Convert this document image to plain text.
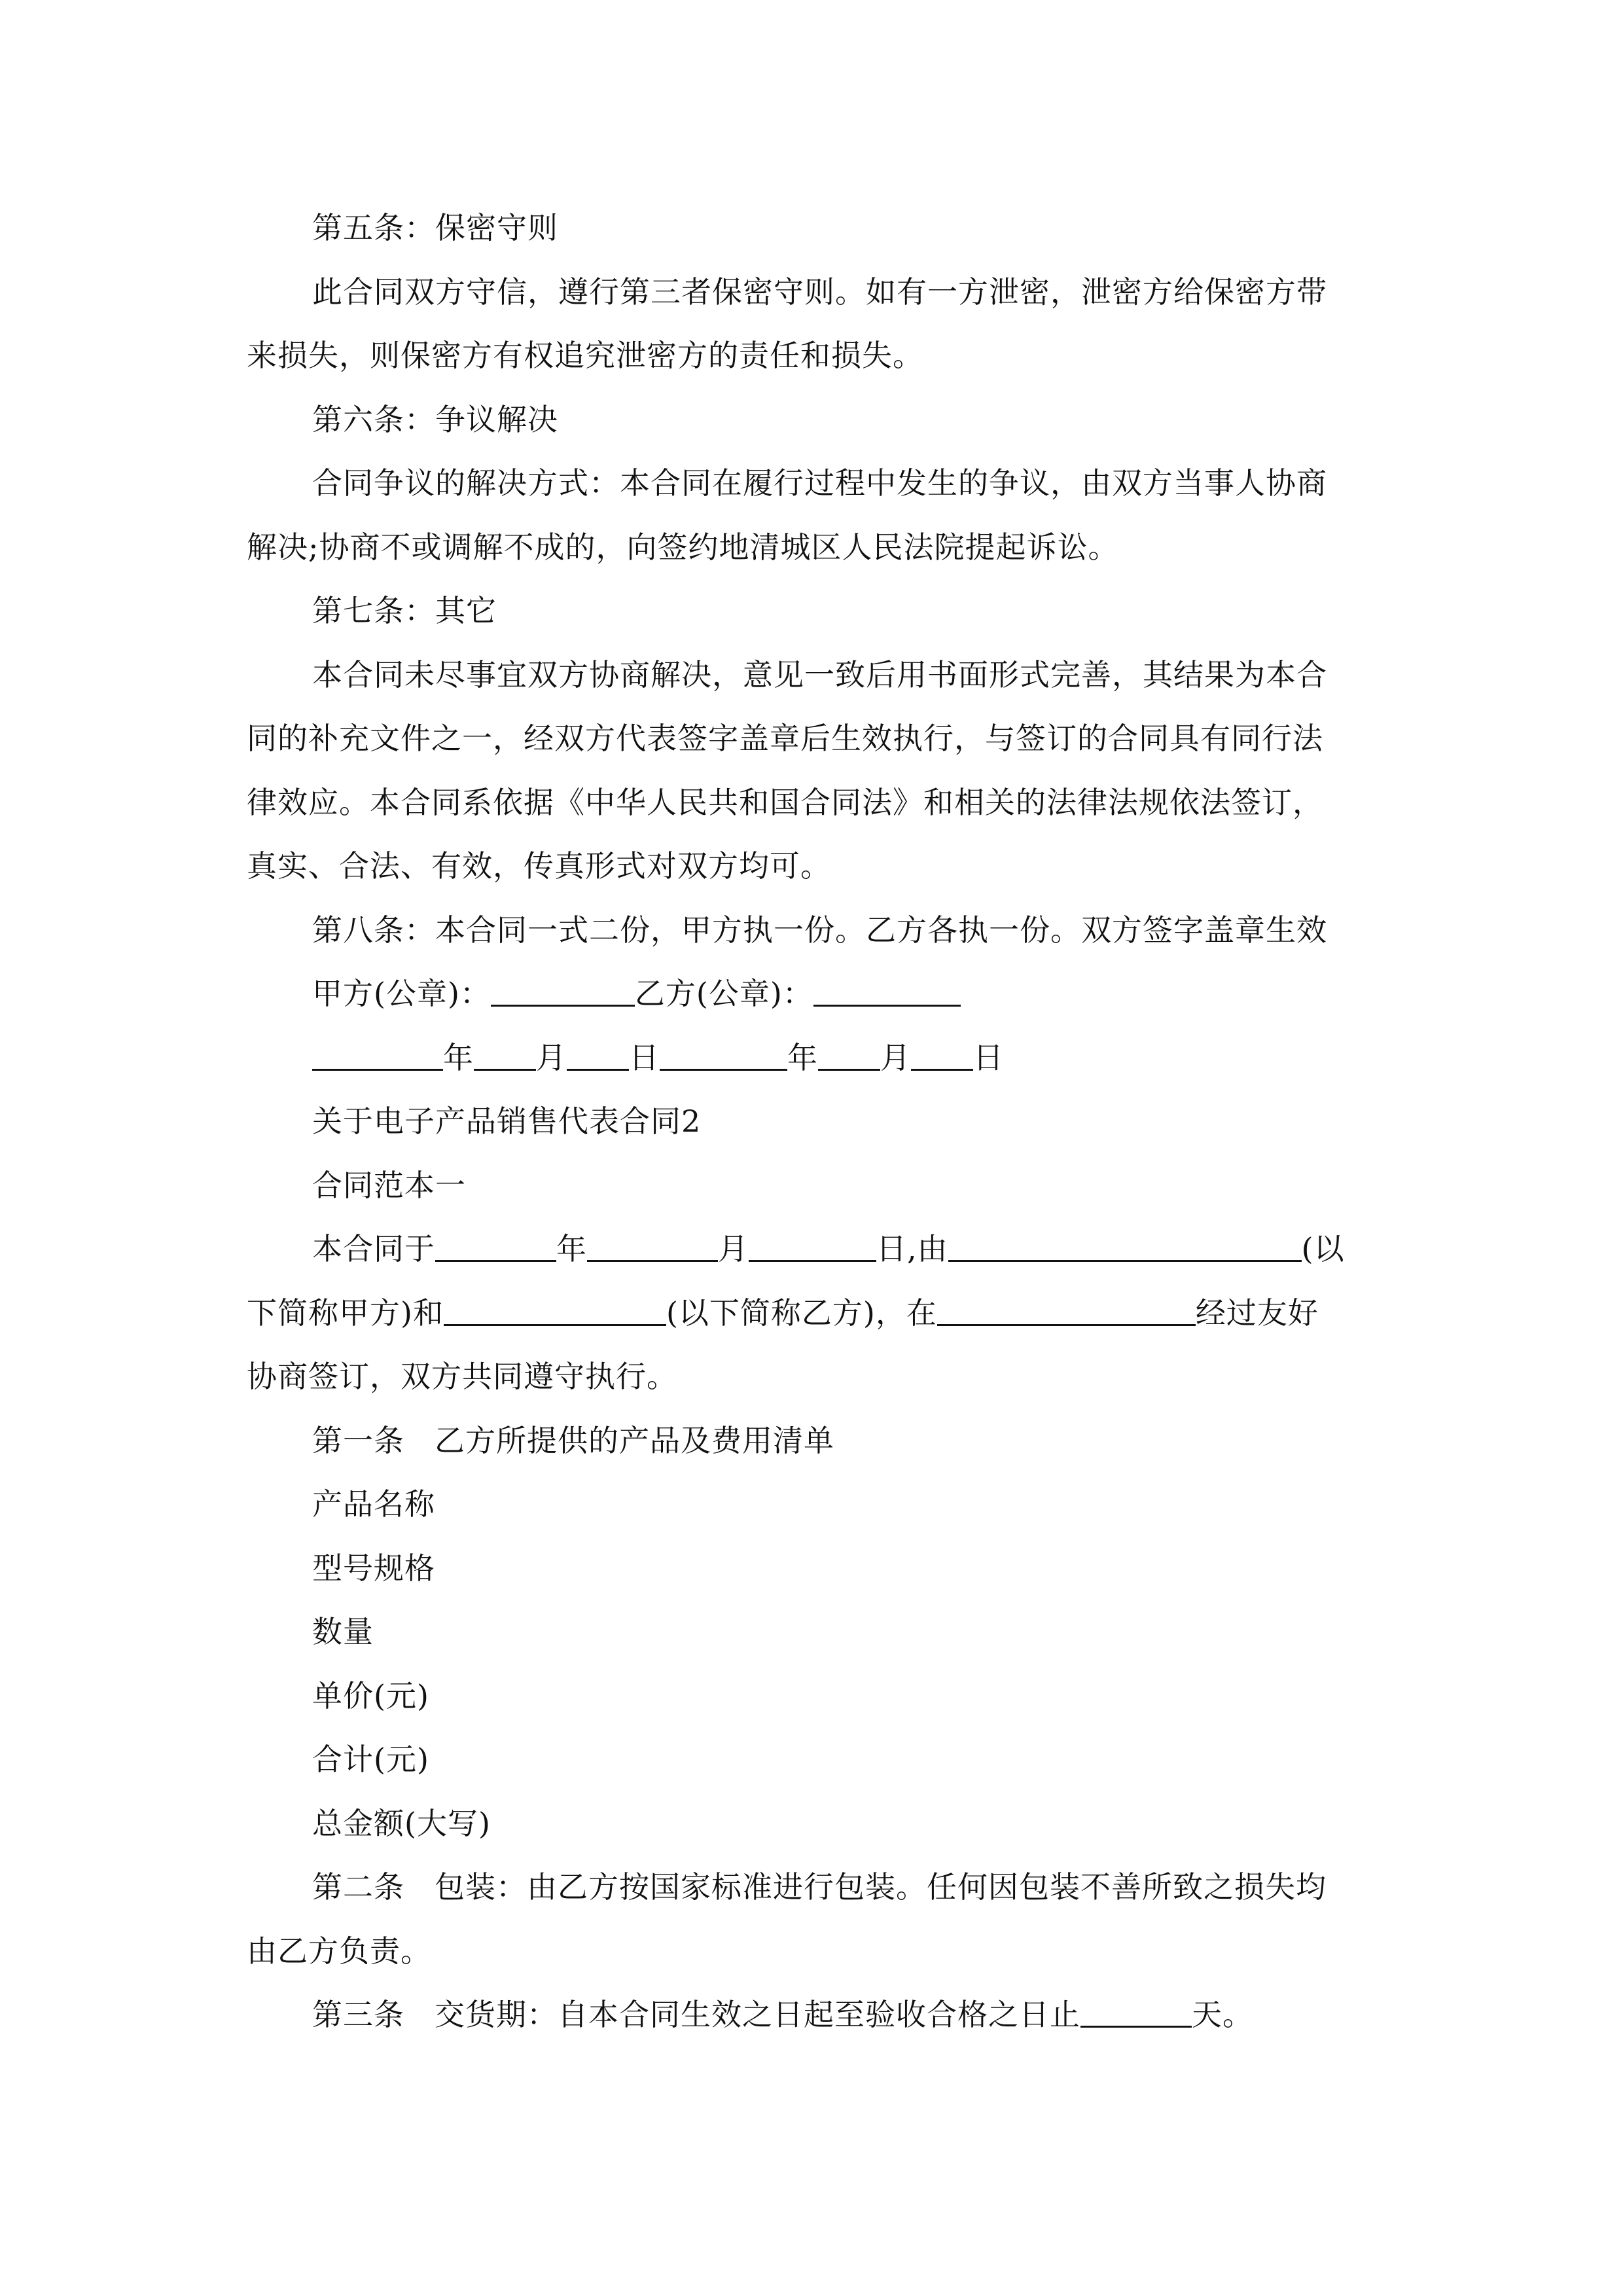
第五条：保密守则
此合同双方守信，遵行第三者保密守则。如有一方泄密，泄密方给保密方带
来损失，则保密方有权追究泄密方的责任和损失。
第六条：争议解决
合同争议的解决方式：本合同在履行过程中发生的争议，由双方当事人协商
解决;协商不或调解不成的，向签约地清城区人民法院提起诉讼。
第七条：其它
本合同未尽事宜双方协商解决，意见一致后用书面形式完善，其结果为本合
同的补充文件之一，经双方代表签字盖章后生效执行，与签订的合同具有同行法
律效应。本合同系依据《中华人民共和国合同法》和相关的法律法规依法签订，
真实、合法、有效，传真形式对双方均可。
第八条：本合同一式二份，甲方执一份。乙方各执一份。双方签字盖章生效
甲方(公章)：	乙方(公章)：
年 月 日	年 月 日
关于电子产品销售代表合同2
合同范本一
本合同于	年	月	日,由	(以
下简称甲方)和	(以下简称乙方)，在	经过友好
协商签订，双方共同遵守执行。
第一条 乙方所提供的产品及费用清单
产品名称
型号规格
数量
单价(元)
合计(元)
总金额(大写)
第二条 包装：由乙方按国家标准进行包装。任何因包装不善所致之损失均
由乙方负责。
第三条 交货期：自本合同生效之日起至验收合格之日止	天。
